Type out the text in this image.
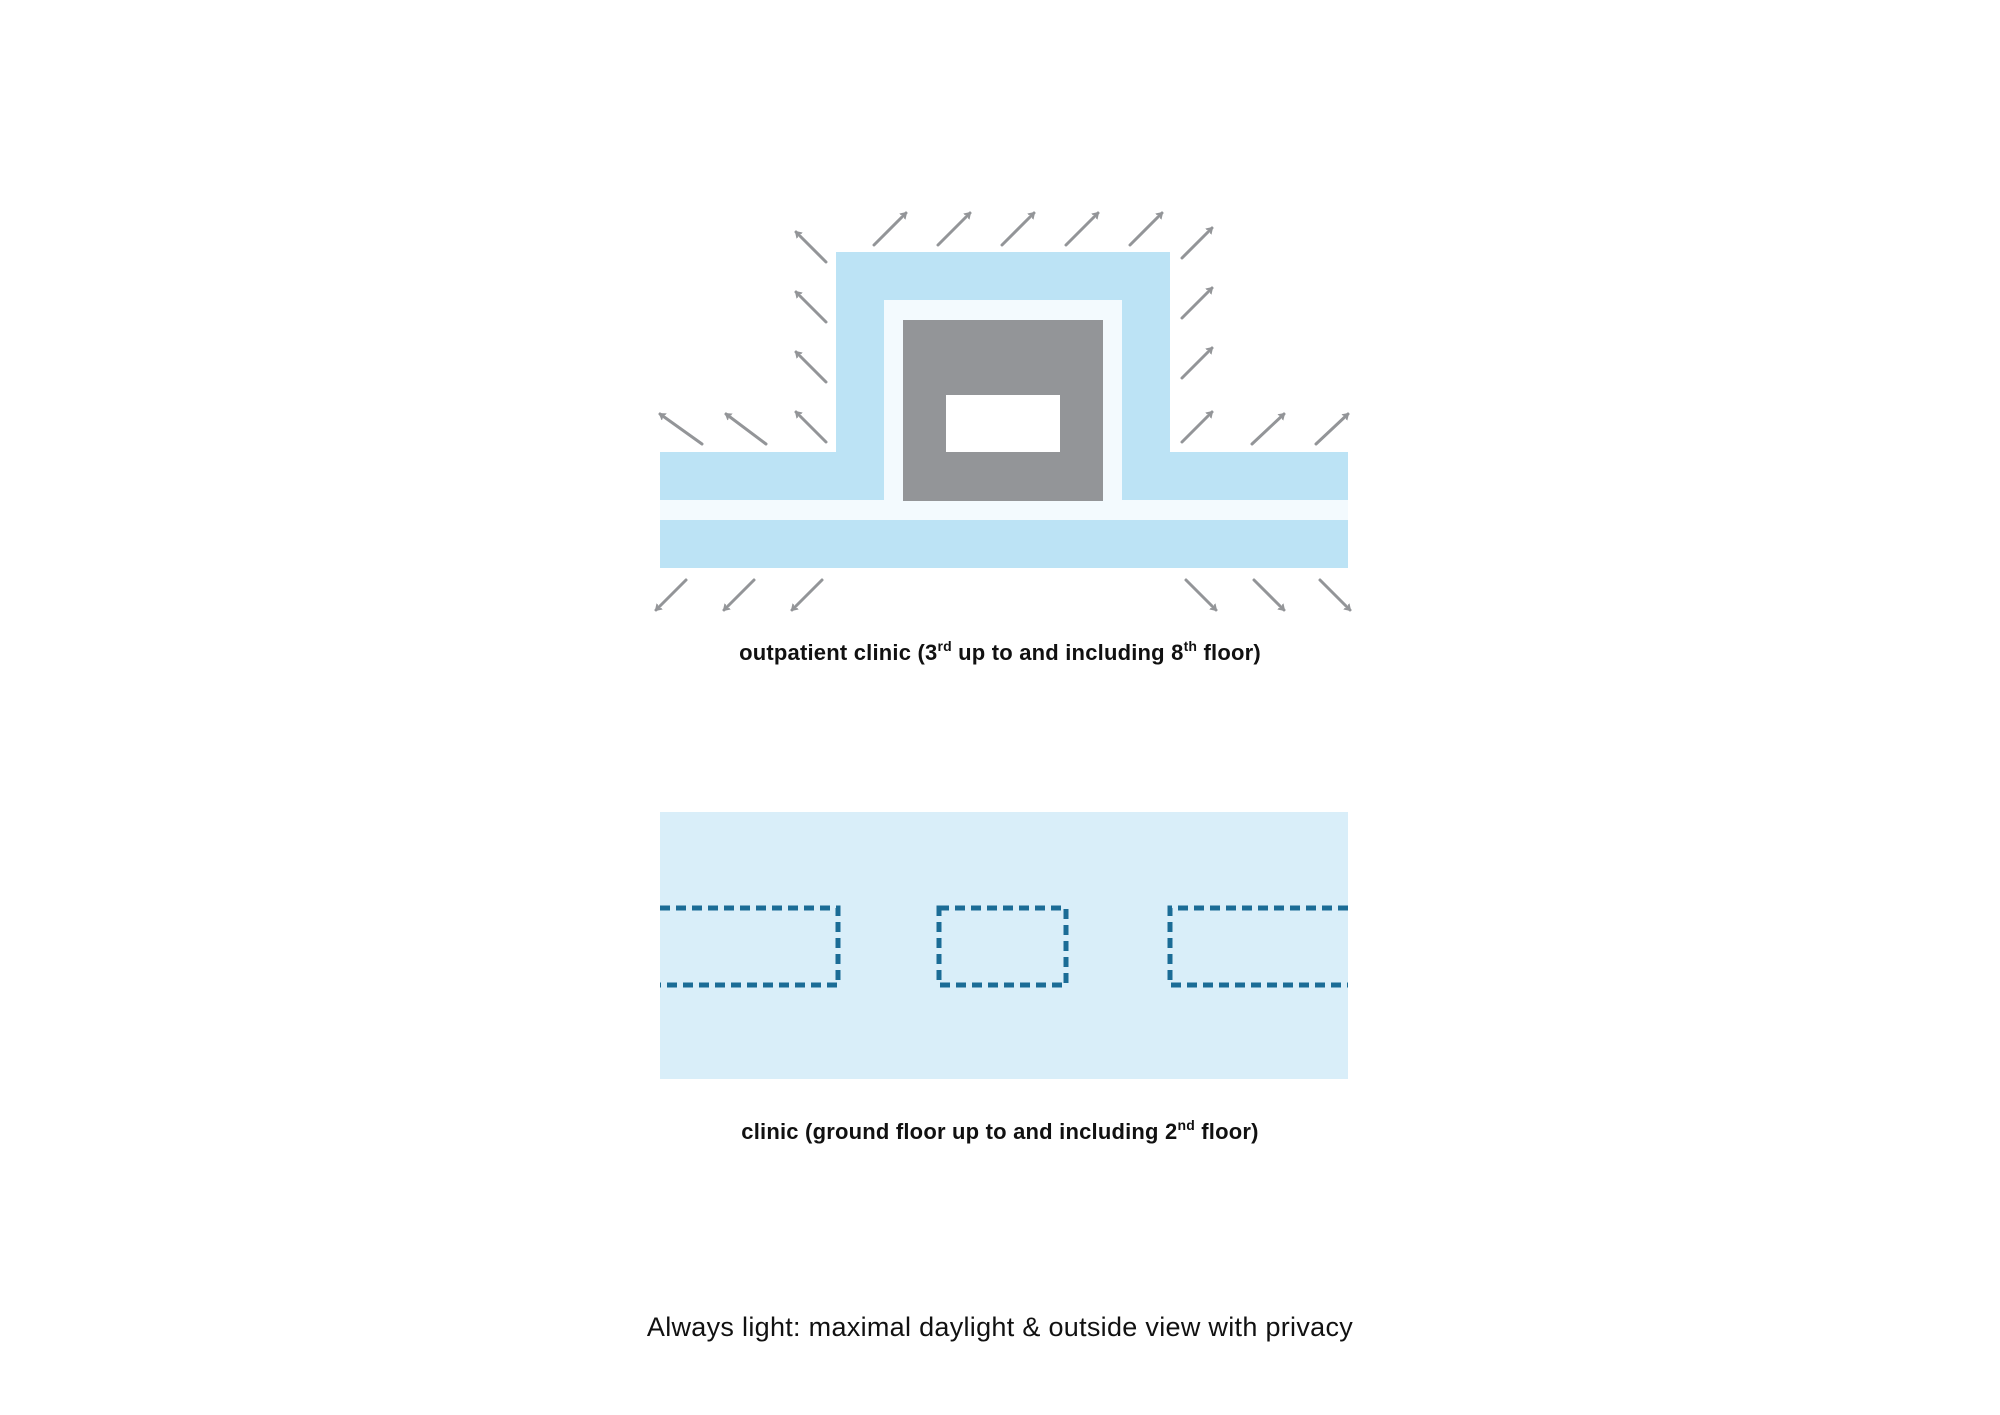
outpatient clinic (3rd up to and including 8th floor)
clinic (ground floor up to and including 2nd floor)
Always light: maximal daylight & outside view with privacy
